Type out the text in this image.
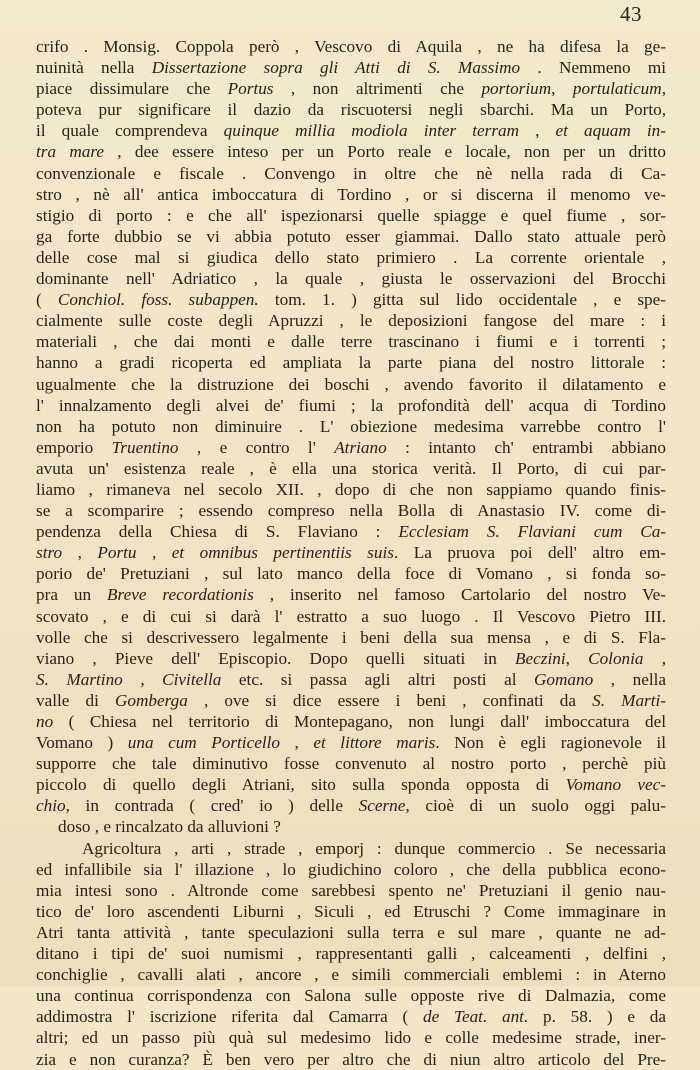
43
crifo . Monsig. Coppola però , Vescovo di Aquila , ne ha difesa la ge-
nuinità nella Dissertazione sopra gli Atti di S. Massimo . Nemmeno mi
piace dissimulare che Portus , non altrimenti che portorium, portulaticum,
poteva pur significare il dazio da riscuotersi negli sbarchi. Ma un Porto,
il quale comprendeva quinque millia modiola inter terram , et aquam in-
tra mare , dee essere inteso per un Porto reale e locale, non per un dritto
convenzionale e fiscale . Convengo in oltre che nè nella rada di Ca-
stro , nè all' antica imboccatura di Tordino , or si discerna il menomo ve-
stigio di porto : e che all' ispezionarsi quelle spiagge e quel fiume , sor-
ga forte dubbio se vi abbia potuto esser giammai. Dallo stato attuale però
delle cose mal si giudica dello stato primiero . La corrente orientale ,
dominante nell' Adriatico , la quale , giusta le osservazioni del Brocchi
( Conchiol. foss. subappen. tom. 1. ) gitta sul lido occidentale , e spe-
cialmente sulle coste degli Apruzzi , le deposizioni fangose del mare : i
materiali , che dai monti e dalle terre trascinano i fiumi e i torrenti ;
hanno a gradi ricoperta ed ampliata la parte piana del nostro littorale :
ugualmente che la distruzione dei boschi , avendo favorito il dilatamento e
l' innalzamento degli alvei de' fiumi ; la profondità dell' acqua di Tordino
non ha potuto non diminuire . L' obiezione medesima varrebbe contro l'
emporio Truentino , e contro l' Atriano : intanto ch' entrambi abbiano
avuta un' esistenza reale , è ella una storica verità. Il Porto, di cui par-
liamo , rimaneva nel secolo XII. , dopo di che non sappiamo quando finis-
se a scomparire ; essendo compreso nella Bolla di Anastasio IV. come di-
pendenza della Chiesa di S. Flaviano : Ecclesiam S. Flaviani cum Ca-
stro , Portu , et omnibus pertinentiis suis. La pruova poi dell' altro em-
porio de' Pretuziani , sul lato manco della foce di Vomano , si fonda so-
pra un Breve recordationis , inserito nel famoso Cartolario del nostro Ve-
scovato , e di cui si darà l' estratto a suo luogo . Il Vescovo Pietro III.
volle che si descrivessero legalmente i beni della sua mensa , e di S. Fla-
viano , Pieve dell' Episcopio. Dopo quelli situati in Beczini, Colonia ,
S. Martino , Civitella etc. si passa agli altri posti al Gomano , nella
valle di Gomberga , ove si dice essere i beni , confinati da S. Marti-
no ( Chiesa nel territorio di Montepagano, non lungi dall' imboccatura del
Vomano ) una cum Porticello , et littore maris. Non è egli ragionevole il
supporre che tale diminutivo fosse convenuto al nostro porto , perchè più
piccolo di quello degli Atriani, sito sulla sponda opposta di Vomano vec-
chio, in contrada ( cred' io ) delle Scerne, cioè di un suolo oggi palu-
doso , e rincalzato da alluvioni ?
Agricoltura , arti , strade , emporj : dunque commercio . Se necessaria
ed infallibile sia l' illazione , lo giudichino coloro , che della pubblica econo-
mia intesi sono . Altronde come sarebbesi spento ne' Pretuziani il genio nau-
tico de' loro ascendenti Liburni , Siculi , ed Etruschi ? Come immaginare in
Atri tanta attività , tante speculazioni sulla terra e sul mare , quante ne ad-
ditano i tipi de' suoi numismi , rappresentanti galli , calceamenti , delfini ,
conchiglie , cavalli alati , ancore , e simili commerciali emblemi : in Aterno
una continua corrispondenza con Salona sulle opposte rive di Dalmazia, come
addimostra l' iscrizione riferita dal Camarra ( de Teat. ant. p. 58. ) e da
altri; ed un passo più quà sul medesimo lido e colle medesime strade, iner-
zia e non curanza? È ben vero per altro che di niun altro articolo del Pre-
